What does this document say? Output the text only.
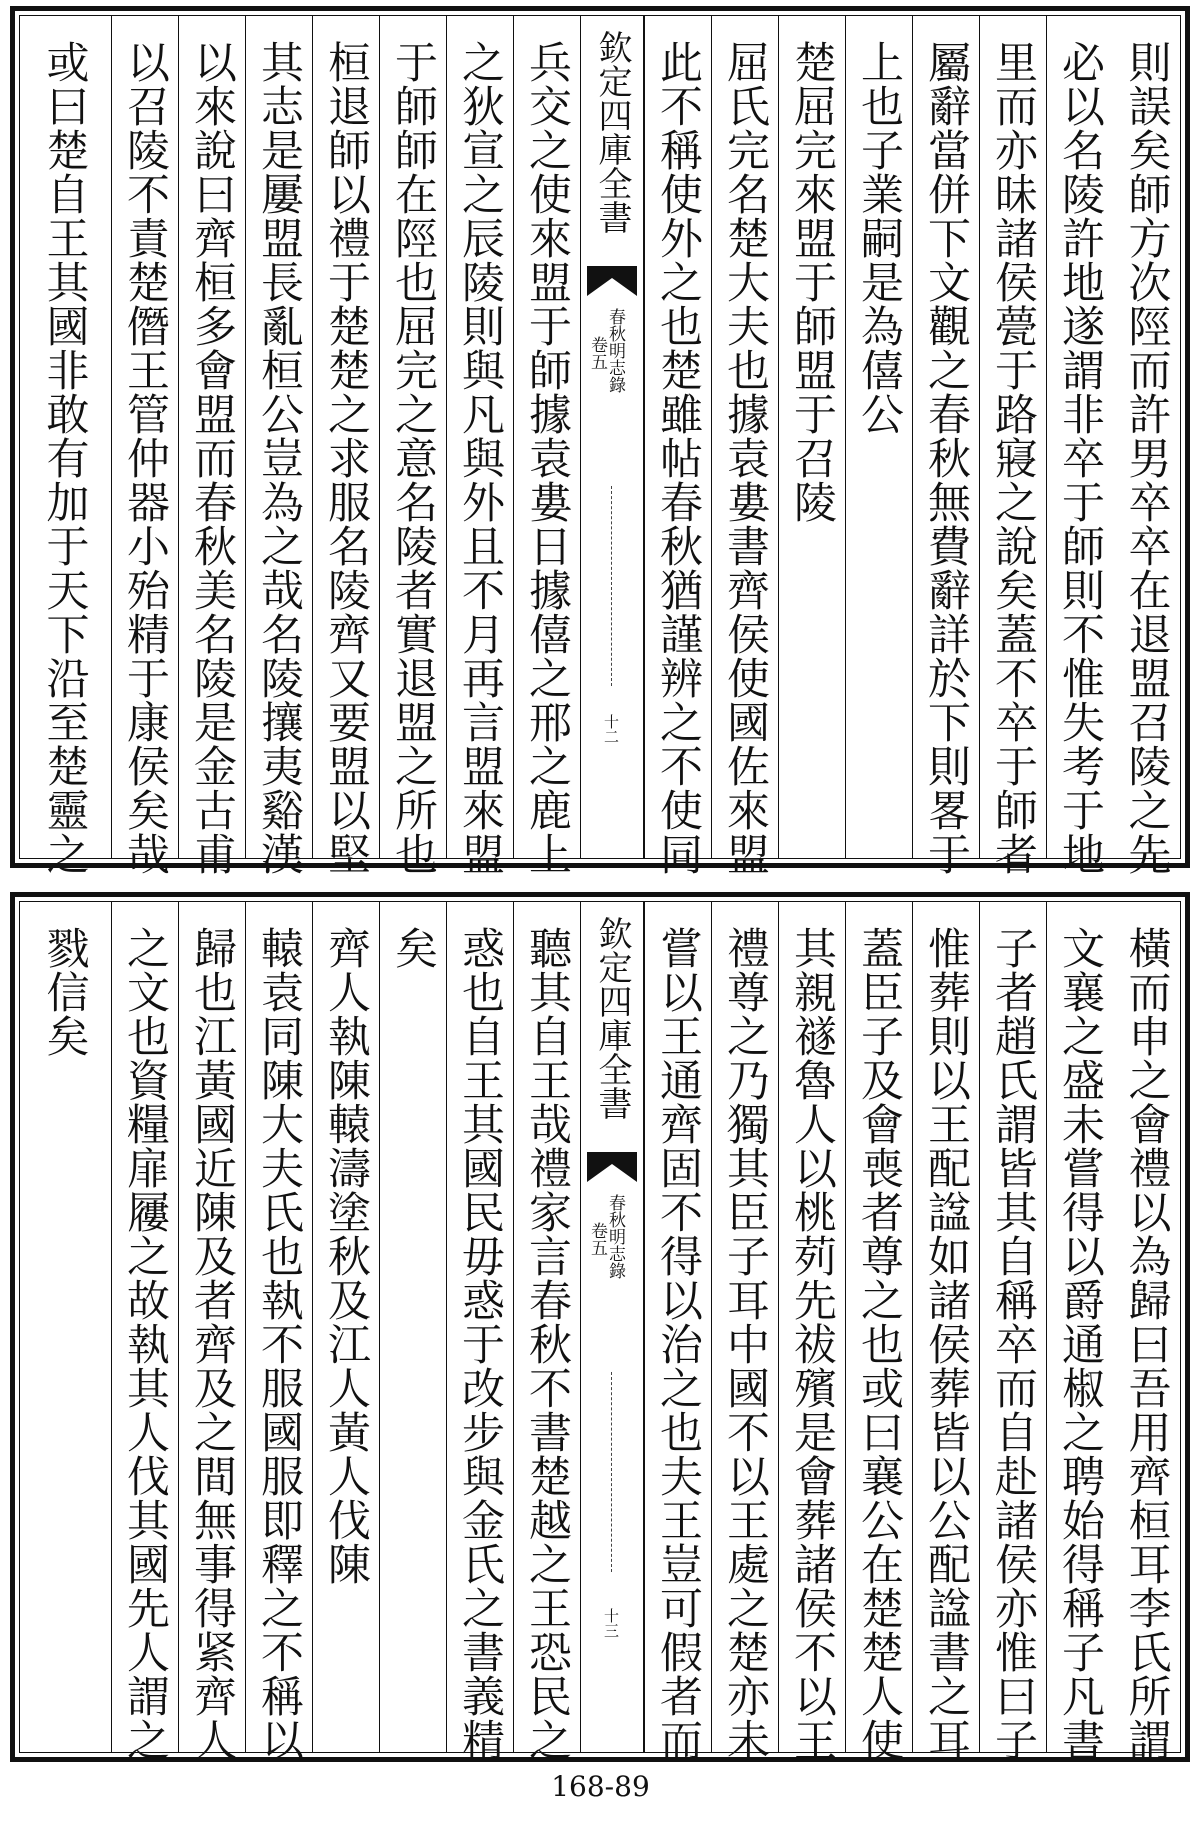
則誤矣師方次陘而許男卒卒在退盟召陵之先
必以名陵許地遂謂非卒于師則不惟失考于地
里而亦昧諸侯甍于路寢之說矣蓋不卒于師者
屬辭當併下文觀之春秋無費辭詳於下則畧于
上也子業嗣是為僖公
楚屈完來盟于師盟于召陵
屈氏完名楚大夫也據袁婁書齊侯使國佐來盟
此不稱使外之也楚雖帖春秋猶謹辨之不使同
欽定四庫全書
春秋明志錄
卷五
十二
兵交之使來盟于師據袁婁日據僖之邢之鹿上
之狄宣之辰陵則與凡與外且不月再言盟來盟
于師師在陘也屈完之意名陵者實退盟之所也
桓退師以禮于楚楚之求服名陵齊又要盟以堅
其志是屢盟長亂桓公豈為之哉名陵攘夷谿漢
以來說曰齊桓多會盟而春秋美名陵是金古甫
以召陵不責楚僭王管仲器小殆精于康侯矣哉
或曰楚自王其國非敢有加于天下沿至楚靈之
橫而申之會禮以為歸曰吾用齊桓耳李氏所謂
文襄之盛未嘗得以爵通椒之聘始得稱子凡書
子者趙氏謂皆其自稱卒而自赴諸侯亦惟曰子
惟葬則以王配諡如諸侯葬皆以公配諡書之耳
蓋臣子及會喪者尊之也或曰襄公在楚楚人使
其親禭魯人以桃茢先祓殯是會葬諸侯不以王
禮尊之乃獨其臣子耳中國不以王處之楚亦未
嘗以王通齊固不得以治之也夫王豈可假者而
欽定四庫全書
春秋明志錄
卷五
十三
聽其自王哉禮家言春秋不書楚越之王恐民之
惑也自王其國民毋惑于改步與金氏之書義精
矣
齊人執陳轅濤塗秋及江人黃人伐陳
轅袁同陳大夫氏也執不服國服即釋之不稱以
歸也江黃國近陳及者齊及之間無事得紧齊人
之文也資糧扉屨之故執其人伐其國先人謂之
戮信矣
168-89
